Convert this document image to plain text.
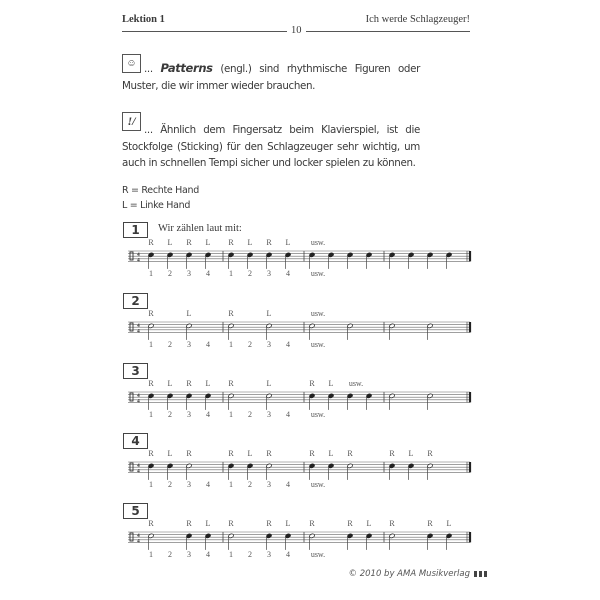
Lektion 1
10
Ich werde Schlagzeuger!
☺ ... Patterns (engl.) sind rhythmische Figuren oder Muster, die wir immer wieder brauchen.
!/
... Ähnlich dem Fingersatz beim Klavierspiel, ist die Stockfolge (Sticking) für den Schlagzeuger sehr wichtig, um auch in schnellen Tempi sicher und locker spielen zu können.
R = Rechte Hand
L = Linke Hand
1	Wir zählen laut mit:
R L R L R L R L	usw.
1 2 3 4 1 2 3 4	usw.
4
4
2
R	L	R	L	usw.
1 2 3 4 1 2 3 4	usw.
4
4
3
R L R L R	L	R L usw.
1 2 3 4 1 2 3 4	usw.
4
4
4
R L R	R L R	R L R	R L R
1 2 3 4 1 2 3 4	usw.
4
4
5
R	R L R	R L R	R L R	R L
1 2 3 4 1 2 3 4	usw.
4
4
© 2010 by AMA Musikverlag
